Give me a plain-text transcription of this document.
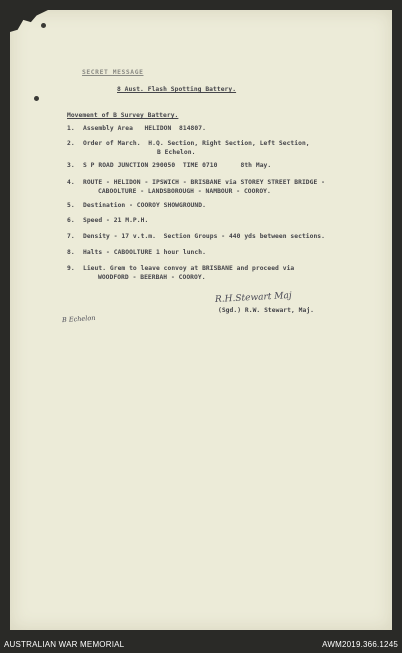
SECRET MESSAGE
8 Aust. Flash Spotting Battery.
Movement of B Survey Battery.
1. Assembly Area   HELIDON  814807.
2. Order of March.  H.Q. Section, Right Section, Left Section,
B Echelon.
3. S P ROAD JUNCTION 290050  TIME 0710      8th May.
4. ROUTE - HELIDON - IPSWICH - BRISBANE via STOREY STREET BRIDGE -
CABOOLTURE - LANDSBOROUGH - NAMBOUR - COOROY.
5. Destination - COOROY SHOWGROUND.
6. Speed - 21 M.P.H.
7. Density - 17 v.t.m.  Section Groups - 440 yds between sections.
8. Halts - CABOOLTURE 1 hour lunch.
9. Lieut. Grem to leave convoy at BRISBANE and proceed via
WOODFORD - BEERBAH - COOROY.
R.H.Stewart Maj
(Sgd.) R.W. Stewart, Maj.
B Echelon
AUSTRALIAN WAR MEMORIAL	AWM2019.366.1245
